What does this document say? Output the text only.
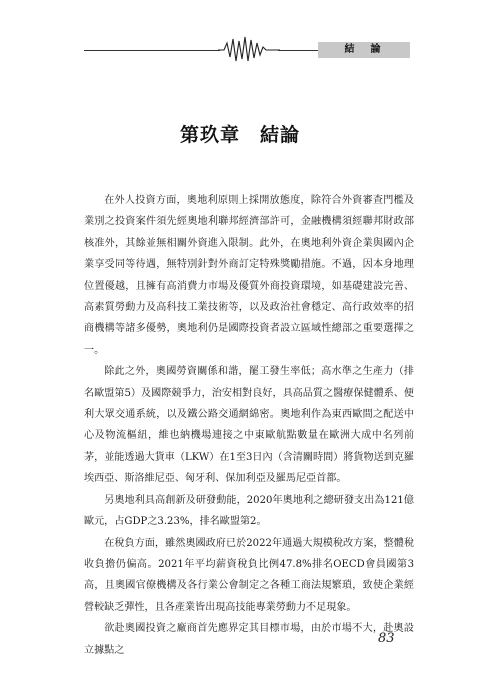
結　論
第玖章　結論

在外人投資方面，奧地利原則上採開放態度，除符合外資審查門檻及業別之投資案件須先經奧地利聯邦經濟部許可，金融機構須經聯邦財政部核准外，其餘並無相關外資進入限制。此外，在奧地利外資企業與國內企業享受同等待遇，無特別針對外商訂定特殊獎勵措施。不過，因本身地理位置優越，且擁有高消費力市場及優質外商投資環境，如基礎建設完善、高素質勞動力及高科技工業技術等，以及政治社會穩定、高行政效率的招商機構等諸多優勢，奧地利仍是國際投資者設立區域性總部之重要選擇之一。

除此之外，奧國勞資關係和諧，罷工發生率低；高水準之生產力（排名歐盟第5）及國際競爭力，治安相對良好，具高品質之醫療保健體系、便利大眾交通系統，以及鐵公路交通網綿密。奧地利作為東西歐間之配送中心及物流樞紐，維也納機場連接之中東歐航點數量在歐洲大成中名列前茅，並能透過大貨車（LKW）在1至3日內（含清關時間）將貨物送到克羅埃西亞、斯洛維尼亞、匈牙利、保加利亞及羅馬尼亞首都。

另奧地利具高創新及研發動能，2020年奧地利之總研發支出為121億歐元，占GDP之3.23%，排名歐盟第2。

在稅負方面，雖然奧國政府已於2022年通過大規模稅改方案，整體稅收負擔仍偏高。2021年平均薪資稅負比例47.8%排名OECD會員國第3高，且奧國官僚機構及各行業公會制定之各種工商法規繁瑣，致使企業經營較缺乏彈性，且各產業皆出現高技能專業勞動力不足現象。

欲赴奧國投資之廠商首先應界定其目標市場，由於市場不大，赴奧設立據點之

83
